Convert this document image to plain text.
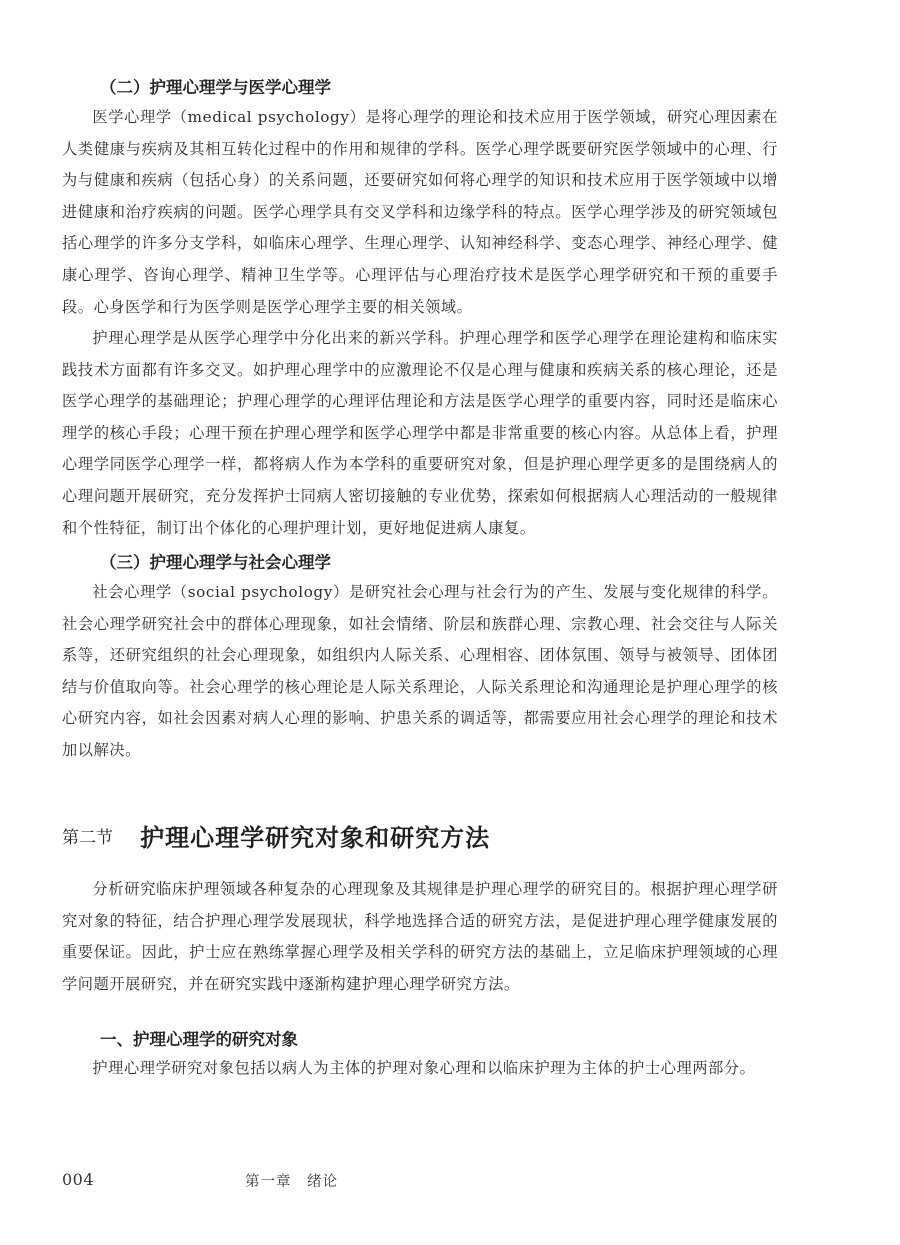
（二）护理心理学与医学心理学

医学心理学（medical psychology）是将心理学的理论和技术应用于医学领域，研究心理因素在人类健康与疾病及其相互转化过程中的作用和规律的学科。医学心理学既要研究医学领域中的心理、行为与健康和疾病（包括心身）的关系问题，还要研究如何将心理学的知识和技术应用于医学领域中以增进健康和治疗疾病的问题。医学心理学具有交叉学科和边缘学科的特点。医学心理学涉及的研究领域包括心理学的许多分支学科，如临床心理学、生理心理学、认知神经科学、变态心理学、神经心理学、健康心理学、咨询心理学、精神卫生学等。心理评估与心理治疗技术是医学心理学研究和干预的重要手段。心身医学和行为医学则是医学心理学主要的相关领域。

护理心理学是从医学心理学中分化出来的新兴学科。护理心理学和医学心理学在理论建构和临床实践技术方面都有许多交叉。如护理心理学中的应激理论不仅是心理与健康和疾病关系的核心理论，还是医学心理学的基础理论；护理心理学的心理评估理论和方法是医学心理学的重要内容，同时还是临床心理学的核心手段；心理干预在护理心理学和医学心理学中都是非常重要的核心内容。从总体上看，护理心理学同医学心理学一样，都将病人作为本学科的重要研究对象，但是护理心理学更多的是围绕病人的心理问题开展研究，充分发挥护士同病人密切接触的专业优势，探索如何根据病人心理活动的一般规律和个性特征，制订出个体化的心理护理计划，更好地促进病人康复。

（三）护理心理学与社会心理学

社会心理学（social psychology）是研究社会心理与社会行为的产生、发展与变化规律的科学。社会心理学研究社会中的群体心理现象，如社会情绪、阶层和族群心理、宗教心理、社会交往与人际关系等，还研究组织的社会心理现象，如组织内人际关系、心理相容、团体氛围、领导与被领导、团体团结与价值取向等。社会心理学的核心理论是人际关系理论，人际关系理论和沟通理论是护理心理学的核心研究内容，如社会因素对病人心理的影响、护患关系的调适等，都需要应用社会心理学的理论和技术加以解决。

第二节 护理心理学研究对象和研究方法

分析研究临床护理领域各种复杂的心理现象及其规律是护理心理学的研究目的。根据护理心理学研究对象的特征，结合护理心理学发展现状，科学地选择合适的研究方法，是促进护理心理学健康发展的重要保证。因此，护士应在熟练掌握心理学及相关学科的研究方法的基础上，立足临床护理领域的心理学问题开展研究，并在研究实践中逐渐构建护理心理学研究方法。

一、护理心理学的研究对象

护理心理学研究对象包括以病人为主体的护理对象心理和以临床护理为主体的护士心理两部分。

004	第一章　绪论
